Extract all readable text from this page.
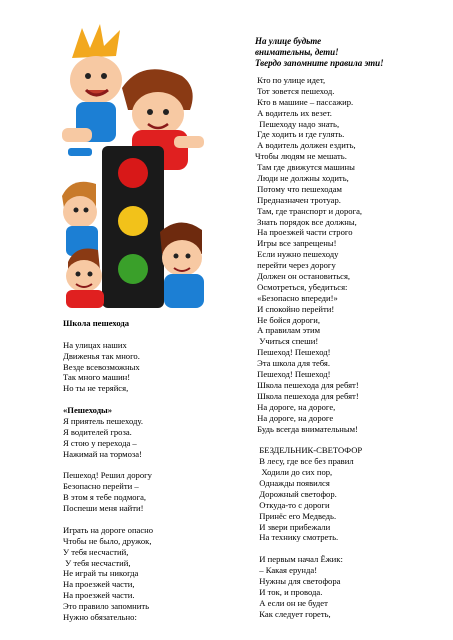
На улице будьте
внимательны, дети!
Твердо запомните правила эти!
Кто по улице идет,
Тот зовется пешеход.
Кто в машине – пассажир.
А водитель их везет.
Пешеходу надо знать,
Где ходить и где гулять.
А водитель должен ездить,
Чтобы людям не мешать.
Там где движутся машины
Люди не должны ходить,
Потому что пешеходам
Предназначен тротуар.
Там, где транспорт и дорога,
Знать порядок все должны,
На проезжей части строго
Игры все запрещены!
Если нужно пешеходу
перейти через дорогу
Должен он остановиться,
Осмотреться, убедиться:
«Безопасно впереди!»
И спокойно перейти!
Не бойся дороги,
А правилам этим
Учиться спеши!
Пешеход! Пешеход!
Эта школа для тебя.
Пешеход! Пешеход!
Школа пешехода для ребят!
Школа пешехода для ребят!
На дороге, на дороге,
На дороге, на дороге
Будь всегда внимательным!
БЕЗДЕЛЬНИК-СВЕТОФОР
В лесу, где все без правил
Ходили до сих пор,
Однажды появился
Дорожный светофор.
Откуда-то с дороги
Принёс его Медведь.
И звери прибежали
На технику смотреть.
И первым начал Ёжик:
– Какая ерунда!
Нужны для светофора
И ток, и провода.
А если он не будет
Как следует гореть,
Школа пешехода
На улицах наших
Движенья так много.
Везде всевозможных
Так много машин!
Но ты не теряйся,
«Пешеходы»
Я приятель пешеходу.
Я водителей гроза.
Я стою у перехода –
Нажимай на тормоза!
Пешеход! Решил дорогу
Безопасно перейти –
В этом я тебе подмога,
Поспеши меня найти!
Играть на дороге опасно
Чтобы не было, дружок,
У тебя несчастий,
У тебя несчастий,
Не играй ты никогда
На проезжей части,
На проезжей части.
Это правило запомнить
Нужно обязательно:
